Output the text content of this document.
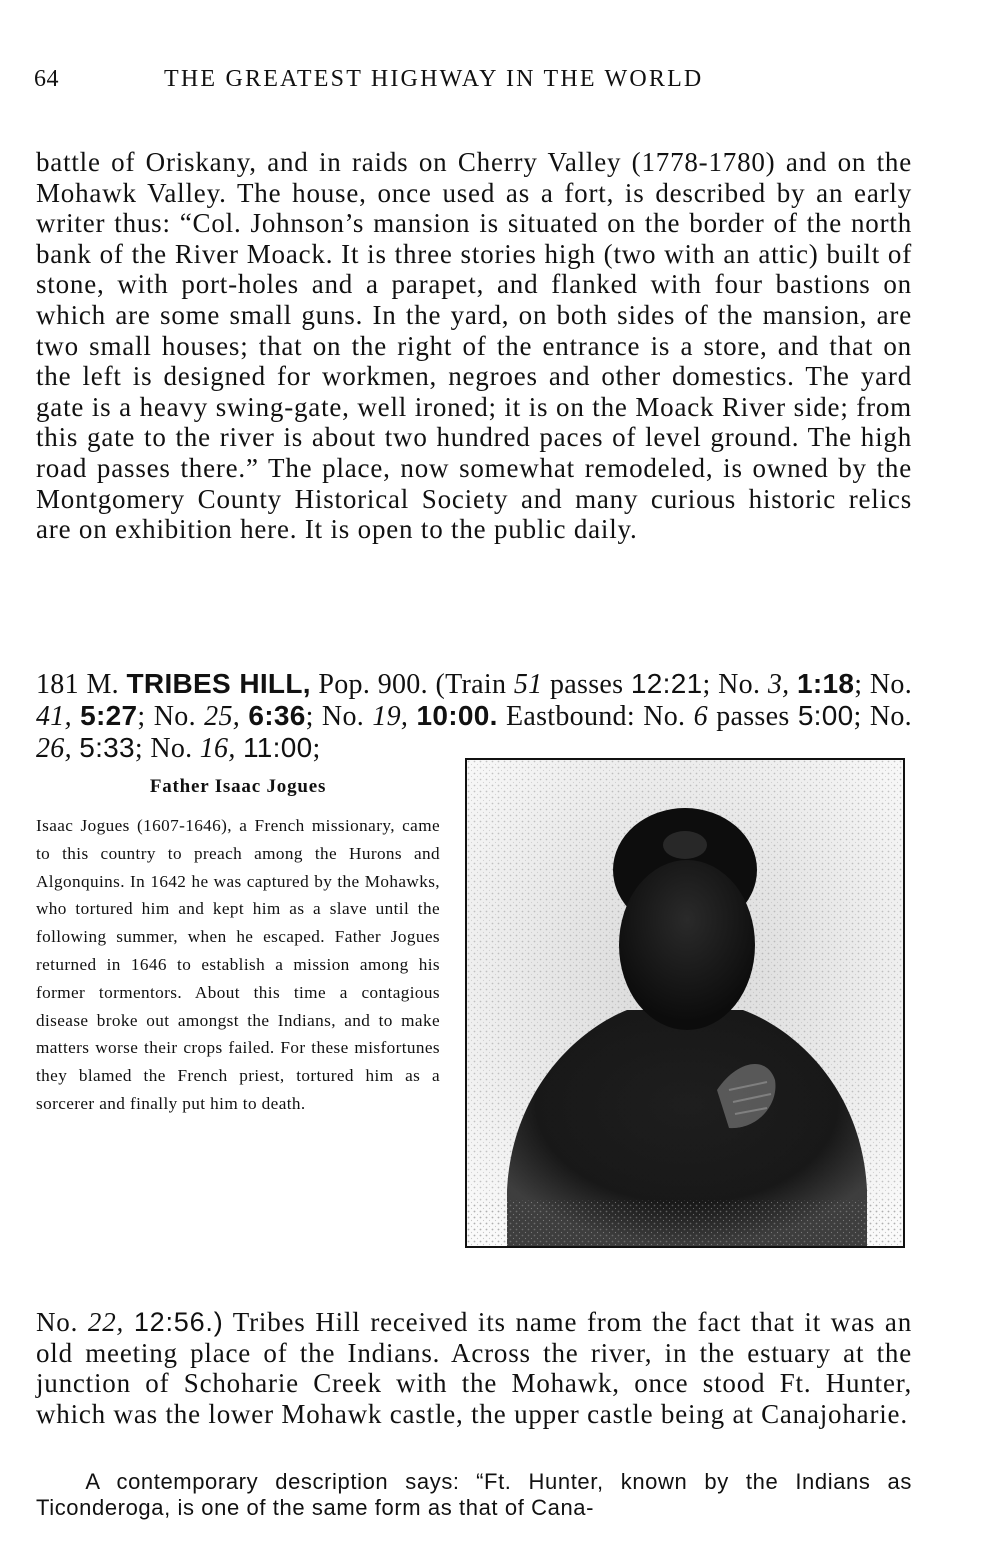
64	THE GREATEST HIGHWAY IN THE WORLD

battle of Oriskany, and in raids on Cherry Valley (1778-1780) and on the Mohawk Valley. The house, once used as a fort, is described by an early writer thus: “Col. Johnson’s mansion is situated on the border of the north bank of the River Moack. It is three stories high (two with an attic) built of stone, with port-holes and a parapet, and flanked with four bastions on which are some small guns. In the yard, on both sides of the mansion, are two small houses; that on the right of the entrance is a store, and that on the left is designed for workmen, negroes and other domestics. The yard gate is a heavy swing-gate, well ironed; it is on the Moack River side; from this gate to the river is about two hundred paces of level ground. The high road passes there.” The place, now somewhat remodeled, is owned by the Montgomery County Historical Society and many curious historic relics are on exhibition here. It is open to the public daily.

181 M. TRIBES HILL, Pop. 900. (Train 51 passes 12:21; No. 3, 1:18; No. 41, 5:27; No. 25, 6:36; No. 19, 10:00. Eastbound: No. 6 passes 5:00; No. 26, 5:33; No. 16, 11:00;

Father Isaac Jogues
Isaac Jogues (1607-1646), a French missionary, came to this country to preach among the Hurons and Algonquins. In 1642 he was captured by the Mohawks, who tortured him and kept him as a slave until the following summer, when he escaped. Father Jogues returned in 1646 to establish a mission among his former tormentors. About this time a contagious disease broke out amongst the Indians, and to make matters worse their crops failed. For these misfortunes they blamed the French priest, tortured him as a sorcerer and finally put him to death.

No. 22, 12:56.) Tribes Hill received its name from the fact that it was an old meeting place of the Indians. Across the river, in the estuary at the junction of Schoharie Creek with the Mohawk, once stood Ft. Hunter, which was the lower Mohawk castle, the upper castle being at Canajoharie.

A contemporary description says: “Ft. Hunter, known by the Indians as Ticonderoga, is one of the same form as that of Cana-
